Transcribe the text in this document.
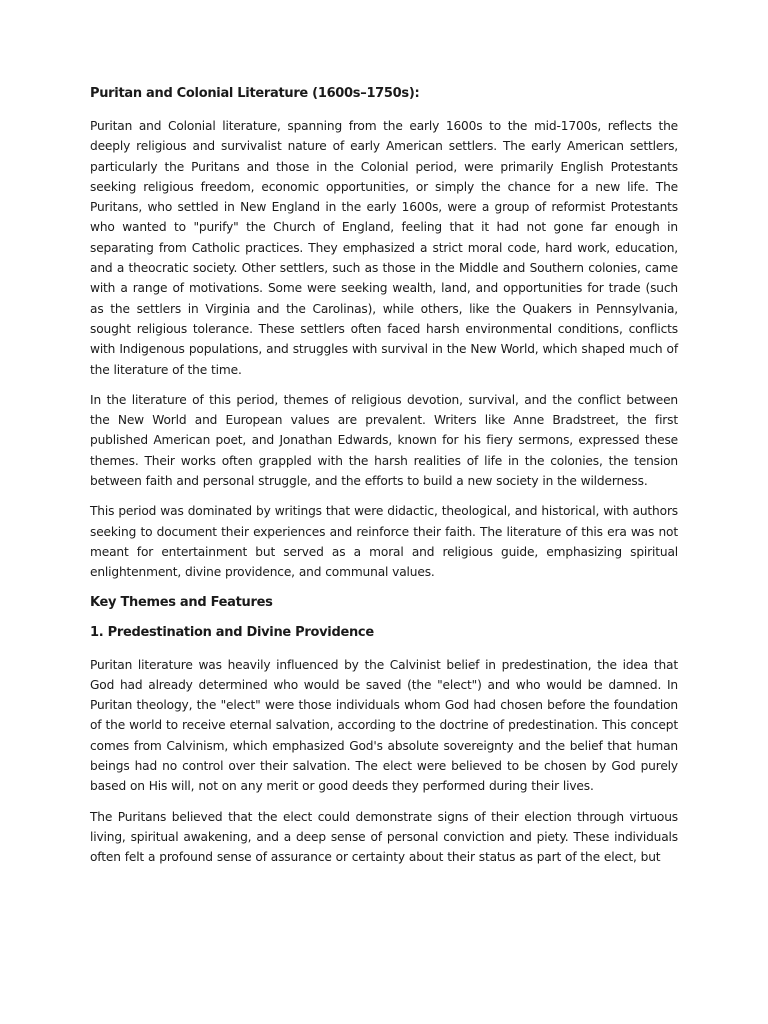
Puritan and Colonial Literature (1600s–1750s):

Puritan and Colonial literature, spanning from the early 1600s to the mid-1700s, reflects the deeply religious and survivalist nature of early American settlers. The early American settlers, particularly the Puritans and those in the Colonial period, were primarily English Protestants seeking religious freedom, economic opportunities, or simply the chance for a new life. The Puritans, who settled in New England in the early 1600s, were a group of reformist Protestants who wanted to "purify" the Church of England, feeling that it had not gone far enough in separating from Catholic practices. They emphasized a strict moral code, hard work, education, and a theocratic society. Other settlers, such as those in the Middle and Southern colonies, came with a range of motivations. Some were seeking wealth, land, and opportunities for trade (such as the settlers in Virginia and the Carolinas), while others, like the Quakers in Pennsylvania, sought religious tolerance. These settlers often faced harsh environmental conditions, conflicts with Indigenous populations, and struggles with survival in the New World, which shaped much of the literature of the time.

In the literature of this period, themes of religious devotion, survival, and the conflict between the New World and European values are prevalent. Writers like Anne Bradstreet, the first published American poet, and Jonathan Edwards, known for his fiery sermons, expressed these themes. Their works often grappled with the harsh realities of life in the colonies, the tension between faith and personal struggle, and the efforts to build a new society in the wilderness.

This period was dominated by writings that were didactic, theological, and historical, with authors seeking to document their experiences and reinforce their faith. The literature of this era was not meant for entertainment but served as a moral and religious guide, emphasizing spiritual enlightenment, divine providence, and communal values.

Key Themes and Features
1. Predestination and Divine Providence

Puritan literature was heavily influenced by the Calvinist belief in predestination, the idea that God had already determined who would be saved (the "elect") and who would be damned. In Puritan theology, the "elect" were those individuals whom God had chosen before the foundation of the world to receive eternal salvation, according to the doctrine of predestination. This concept comes from Calvinism, which emphasized God's absolute sovereignty and the belief that human beings had no control over their salvation. The elect were believed to be chosen by God purely based on His will, not on any merit or good deeds they performed during their lives.

The Puritans believed that the elect could demonstrate signs of their election through virtuous living, spiritual awakening, and a deep sense of personal conviction and piety. These individuals often felt a profound sense of assurance or certainty about their status as part of the elect, but
